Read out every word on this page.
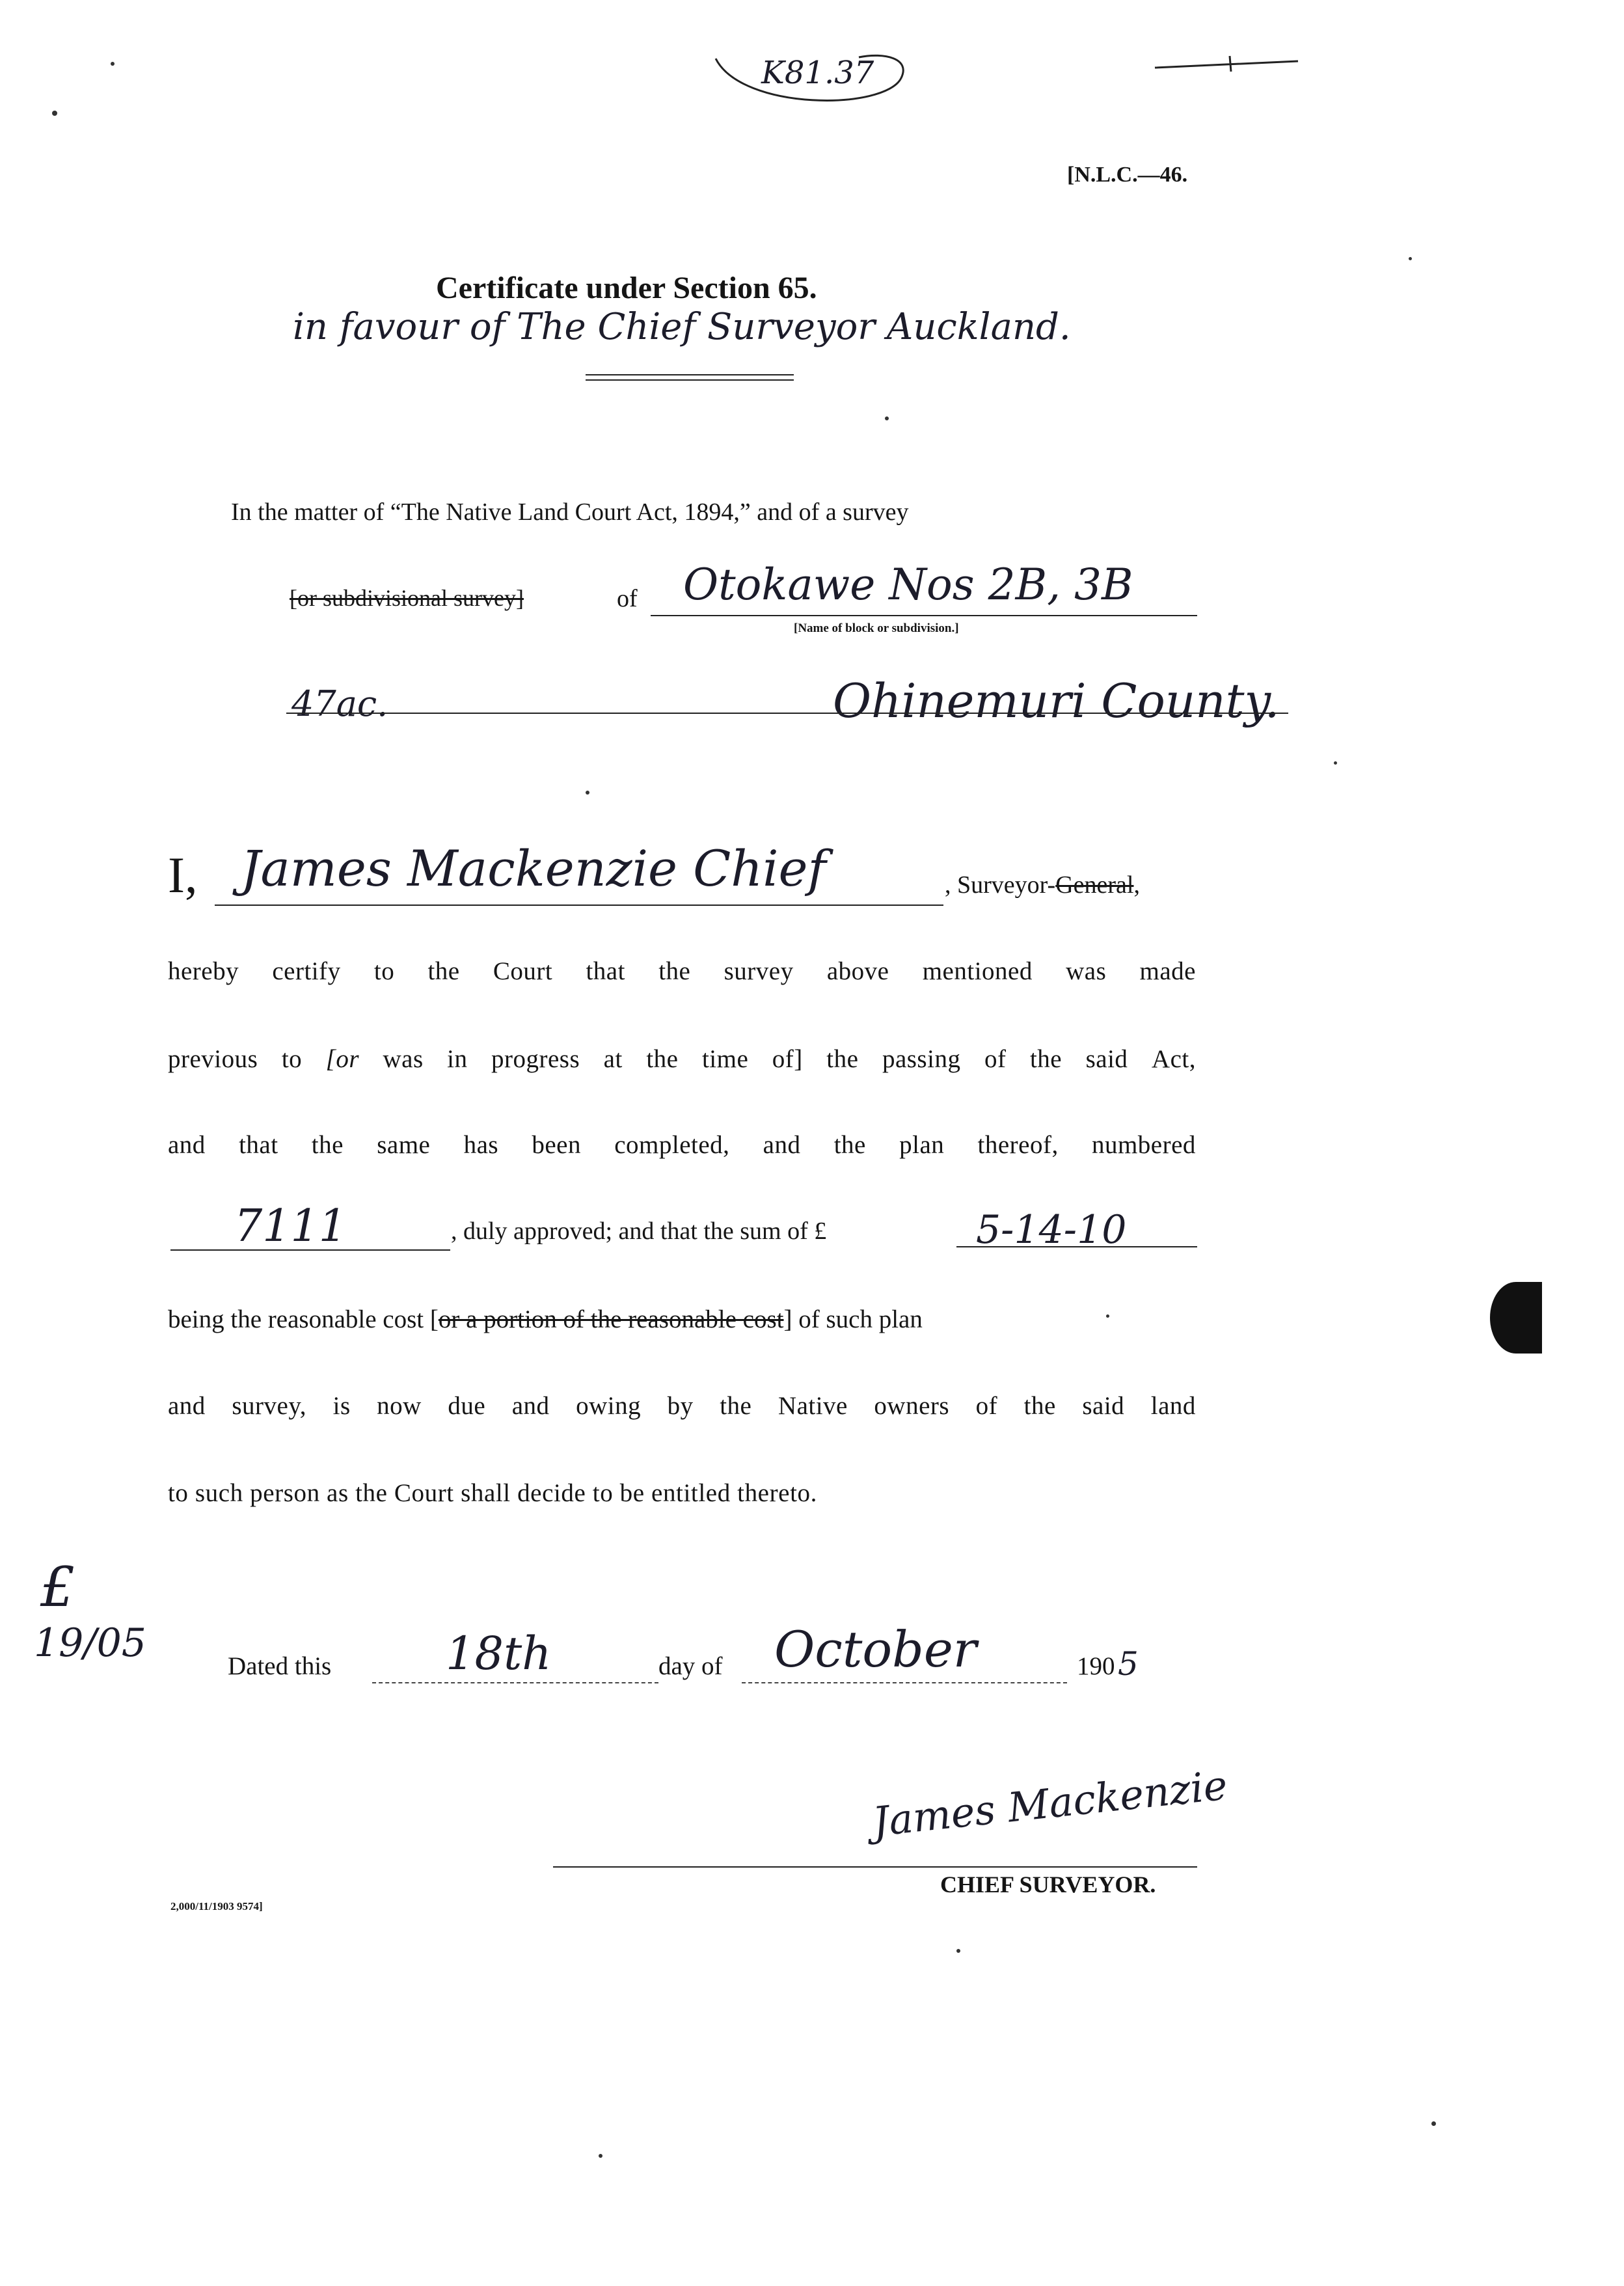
K81.37
[N.L.C.—46.
Certificate under Section 65.
in favour of The Chief Surveyor Auckland.
In the matter of “The Native Land Court Act, 1894,” and of a survey
[or subdivisional survey]	of Otokawe Nos 2B, 3B
[Name of block or subdivision.]
47ac.	Ohinemuri County.
I, James Mackenzie Chief	, Surveyor-General,
hereby certify to the Court that the survey above mentioned was made
previous to [or was in progress at the time of] the passing of the said Act,
and that the same has been completed, and the plan thereof, numbered
7111	, duly approved; and that the sum of £	5-14-10
being the reasonable cost [or a portion of the reasonable cost] of such plan
and survey, is now due and owing by the Native owners of the said land
to such person as the Court shall decide to be entitled thereto.
£
19/05
Dated this	18th	day of October	190 5
James Mackenzie
CHIEF SURVEYOR.
2,000/11/1903 9574]
